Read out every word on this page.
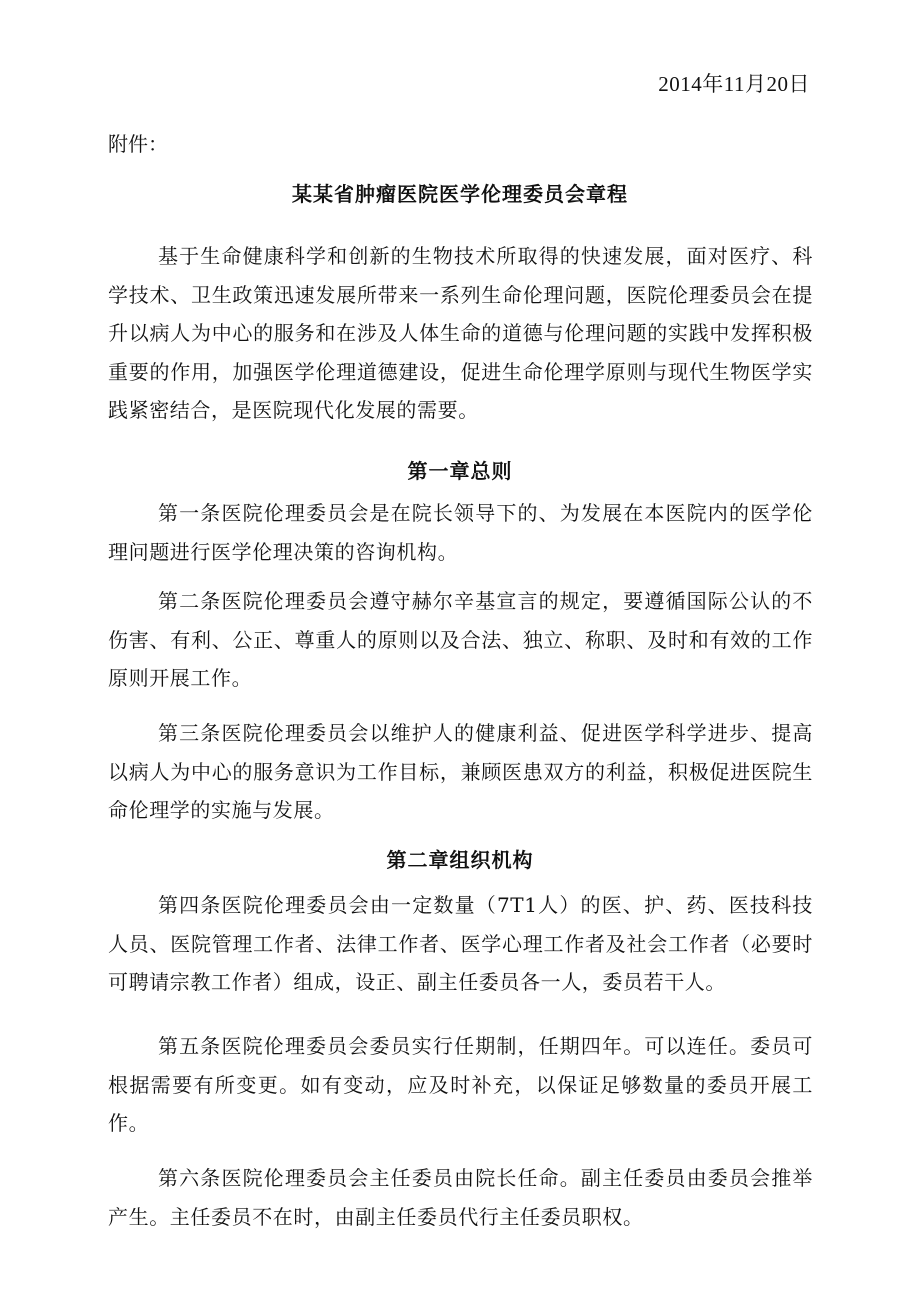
2014年11月20日
附件：
某某省肿瘤医院医学伦理委员会章程

基于生命健康科学和创新的生物技术所取得的快速发展，面对医疗、科学技术、卫生政策迅速发展所带来一系列生命伦理问题，医院伦理委员会在提升以病人为中心的服务和在涉及人体生命的道德与伦理问题的实践中发挥积极重要的作用，加强医学伦理道德建设，促进生命伦理学原则与现代生物医学实践紧密结合，是医院现代化发展的需要。

第一章总则

第一条医院伦理委员会是在院长领导下的、为发展在本医院内的医学伦理问题进行医学伦理决策的咨询机构。

第二条医院伦理委员会遵守赫尔辛基宣言的规定，要遵循国际公认的不伤害、有利、公正、尊重人的原则以及合法、独立、称职、及时和有效的工作原则开展工作。

第三条医院伦理委员会以维护人的健康利益、促进医学科学进步、提高以病人为中心的服务意识为工作目标，兼顾医患双方的利益，积极促进医院生命伦理学的实施与发展。

第二章组织机构

第四条医院伦理委员会由一定数量（7T1人）的医、护、药、医技科技人员、医院管理工作者、法律工作者、医学心理工作者及社会工作者（必要时可聘请宗教工作者）组成，设正、副主任委员各一人，委员若干人。

第五条医院伦理委员会委员实行任期制，任期四年。可以连任。委员可根据需要有所变更。如有变动，应及时补充，以保证足够数量的委员开展工作。

第六条医院伦理委员会主任委员由院长任命。副主任委员由委员会推举产生。主任委员不在时，由副主任委员代行主任委员职权。
